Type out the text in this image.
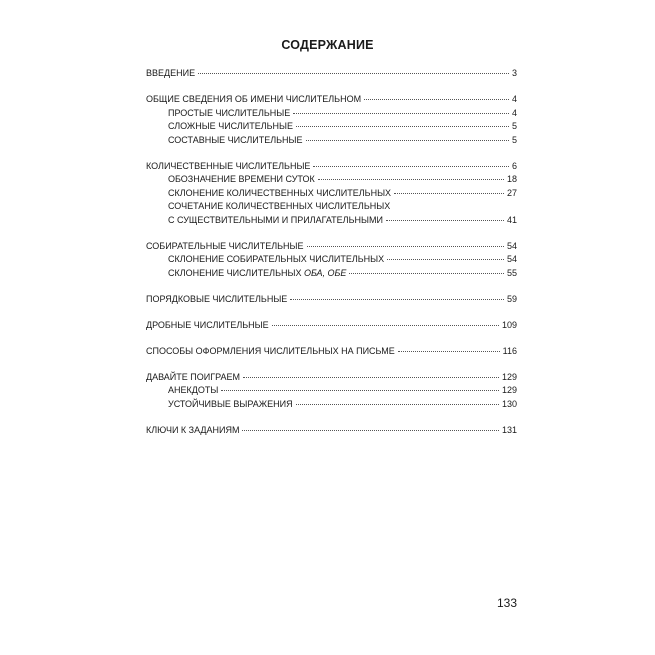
СОДЕРЖАНИЕ
ВВЕДЕНИЕ	3
ОБЩИЕ СВЕДЕНИЯ ОБ ИМЕНИ ЧИСЛИТЕЛЬНОМ	4
ПРОСТЫЕ ЧИСЛИТЕЛЬНЫЕ	4
СЛОЖНЫЕ ЧИСЛИТЕЛЬНЫЕ	5
СОСТАВНЫЕ ЧИСЛИТЕЛЬНЫЕ	5
КОЛИЧЕСТВЕННЫЕ ЧИСЛИТЕЛЬНЫЕ	6
ОБОЗНАЧЕНИЕ ВРЕМЕНИ СУТОК	18
СКЛОНЕНИЕ КОЛИЧЕСТВЕННЫХ ЧИСЛИТЕЛЬНЫХ	27
СОЧЕТАНИЕ КОЛИЧЕСТВЕННЫХ ЧИСЛИТЕЛЬНЫХ
С СУЩЕСТВИТЕЛЬНЫМИ И ПРИЛАГАТЕЛЬНЫМИ	41
СОБИРАТЕЛЬНЫЕ ЧИСЛИТЕЛЬНЫЕ	54
СКЛОНЕНИЕ СОБИРАТЕЛЬНЫХ ЧИСЛИТЕЛЬНЫХ	54
СКЛОНЕНИЕ ЧИСЛИТЕЛЬНЫХ ОБА, ОБЕ	55
ПОРЯДКОВЫЕ ЧИСЛИТЕЛЬНЫЕ	59
ДРОБНЫЕ ЧИСЛИТЕЛЬНЫЕ	109
СПОСОБЫ ОФОРМЛЕНИЯ ЧИСЛИТЕЛЬНЫХ НА ПИСЬМЕ	116
ДАВАЙТЕ ПОИГРАЕМ	129
АНЕКДОТЫ	129
УСТОЙЧИВЫЕ ВЫРАЖЕНИЯ	130
КЛЮЧИ К ЗАДАНИЯМ	131
133
